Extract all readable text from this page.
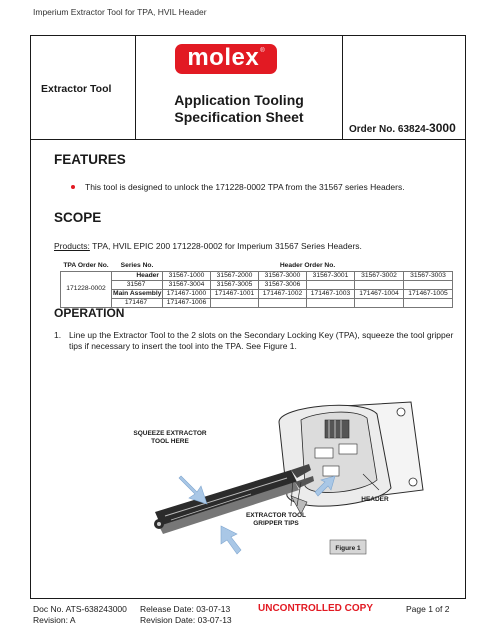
Imperium Extractor Tool for TPA, HVIL Header
Extractor Tool
molex ®
Application Tooling
Specification Sheet
Order No. 63824-3000
FEATURES
This tool is designed to unlock the 171228-0002 TPA from the 31567 series Headers.
SCOPE
Products: TPA, HVIL EPIC 200 171228-0002 for Imperium 31567 Series Headers.
TPA Order No.	Series No.	Header Order No.					
171228-0002	Header	31567-1000	31567-2000	31567-3000	31567-3001	31567-3002	31567-3003
	31567	31567-3004	31567-3005	31567-3006			
	Main Assembly	171467-1000	171467-1001	171467-1002	171467-1003	171467-1004	171467-1005
	171467	171467-1006					
OPERATION
1. Line up the Extractor Tool to the 2 slots on the Secondary Locking Key (TPA), squeeze the tool gripper tips if necessary to insert the tool into the TPA. See Figure 1.
SQUEEZE EXTRACTOR
TOOL HERE
EXTRACTOR TOOL
GRIPPER TIPS
HEADER
Figure 1
Doc No. ATS-638243000
Revision: A
Release Date: 03-07-13
Revision Date: 03-07-13
UNCONTROLLED COPY	Page 1 of 2
